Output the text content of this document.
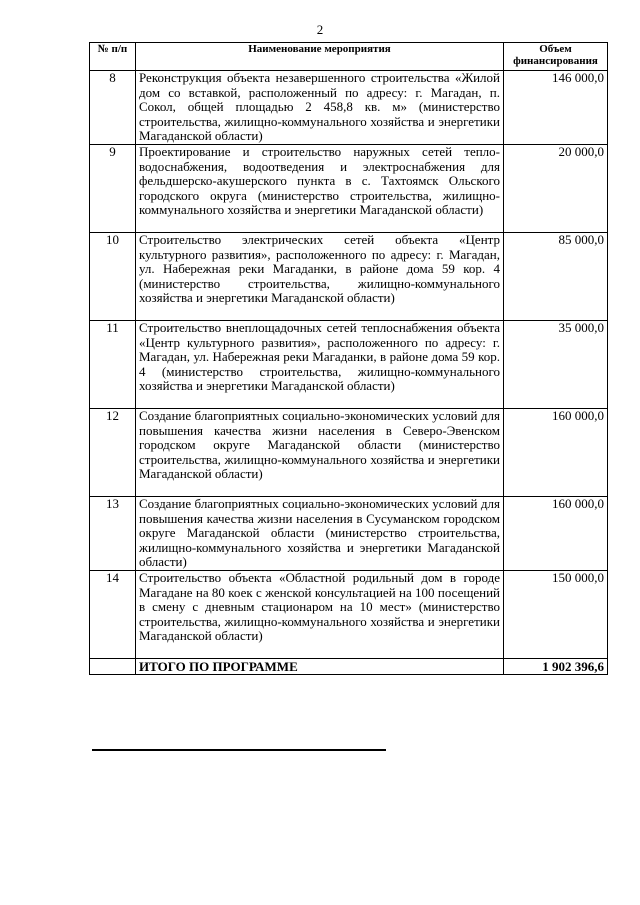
2
№ п/п	Наименование мероприятия	Объем
финансирования

8	Реконструкция объекта незавершенного строительства «Жилой дом со вставкой, расположенный по адресу: г. Магадан, п. Сокол, общей площадью 2 458,8 кв. м» (министерство строительства, жилищно-коммунального хозяйства и энергетики Магаданской области)	146 000,0
9	Проектирование и строительство наружных сетей тепло-водоснабжения, водоотведения и электроснабжения для фельдшерско-акушерского пункта в с. Тахтоямск Ольского городского округа (министерство строительства, жилищно-коммунального хозяйства и энергетики Магаданской области)	20 000,0
10	Строительство электрических сетей объекта «Центр культурного развития», расположенного по адресу: г. Магадан, ул. Набережная реки Магаданки, в районе дома 59 кор. 4 (министерство строительства, жилищно-коммунального хозяйства и энергетики Магаданской области)	85 000,0
11	Строительство внеплощадочных сетей теплоснабжения объекта «Центр культурного развития», расположенного по адресу: г. Магадан, ул. Набережная реки Магаданки, в районе дома 59 кор. 4 (министерство строительства, жилищно-коммунального хозяйства и энергетики Магаданской области)	35 000,0
12	Создание благоприятных социально-экономических условий для повышения качества жизни населения в Северо-Эвенском городском округе Магаданской области (министерство строительства, жилищно-коммунального хозяйства и энергетики Магаданской области)	160 000,0
13	Создание благоприятных социально-экономических условий для повышения качества жизни населения в Сусуманском городском округе Магаданской области (министерство строительства, жилищно-коммунального хозяйства и энергетики Магаданской области)	160 000,0
14	Строительство объекта «Областной родильный дом в городе Магадане на 80 коек с женской консультацией на 100 посещений в смену с дневным стационаром на 10 мест» (министерство строительства, жилищно-коммунального хозяйства и энергетики Магаданской области)	150 000,0
	ИТОГО ПО ПРОГРАММЕ	1 902 396,6
